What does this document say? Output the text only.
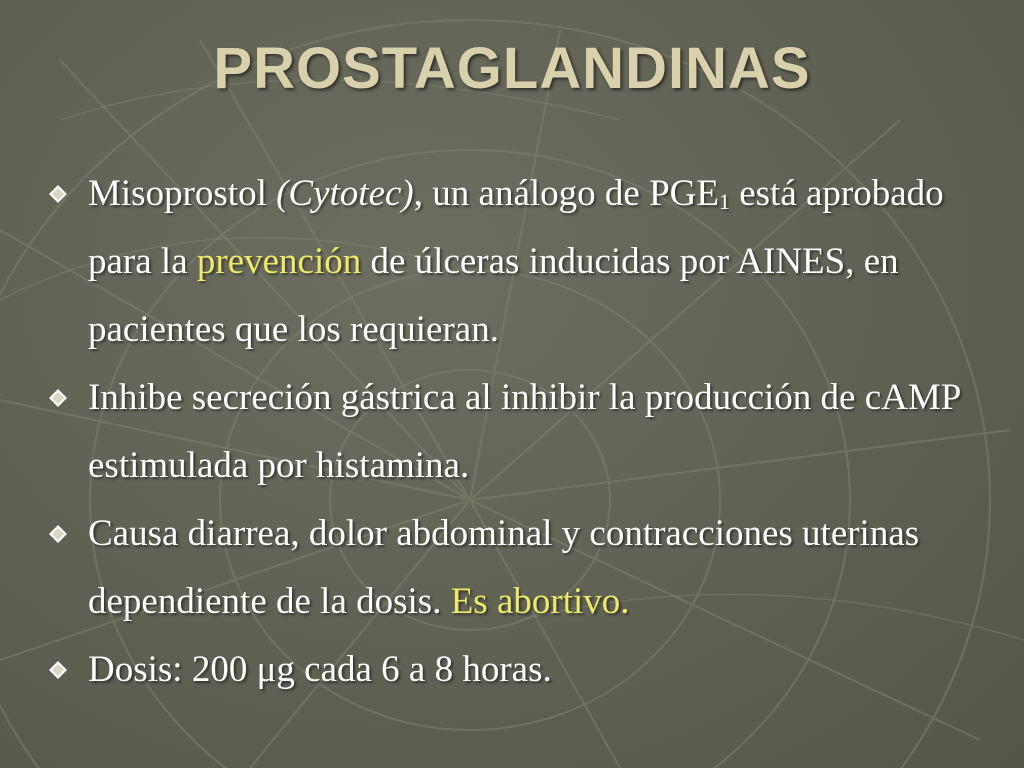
PROSTAGLANDINAS
Misoprostol (Cytotec), un análogo de PGE1 está aprobado para la prevención de úlceras inducidas por AINES, en pacientes que los requieran.
Inhibe secreción gástrica al inhibir la producción de cAMP estimulada por histamina.
Causa diarrea, dolor abdominal y contracciones uterinas dependiente de la dosis. Es abortivo.
Dosis: 200 μg cada 6 a 8 horas.
